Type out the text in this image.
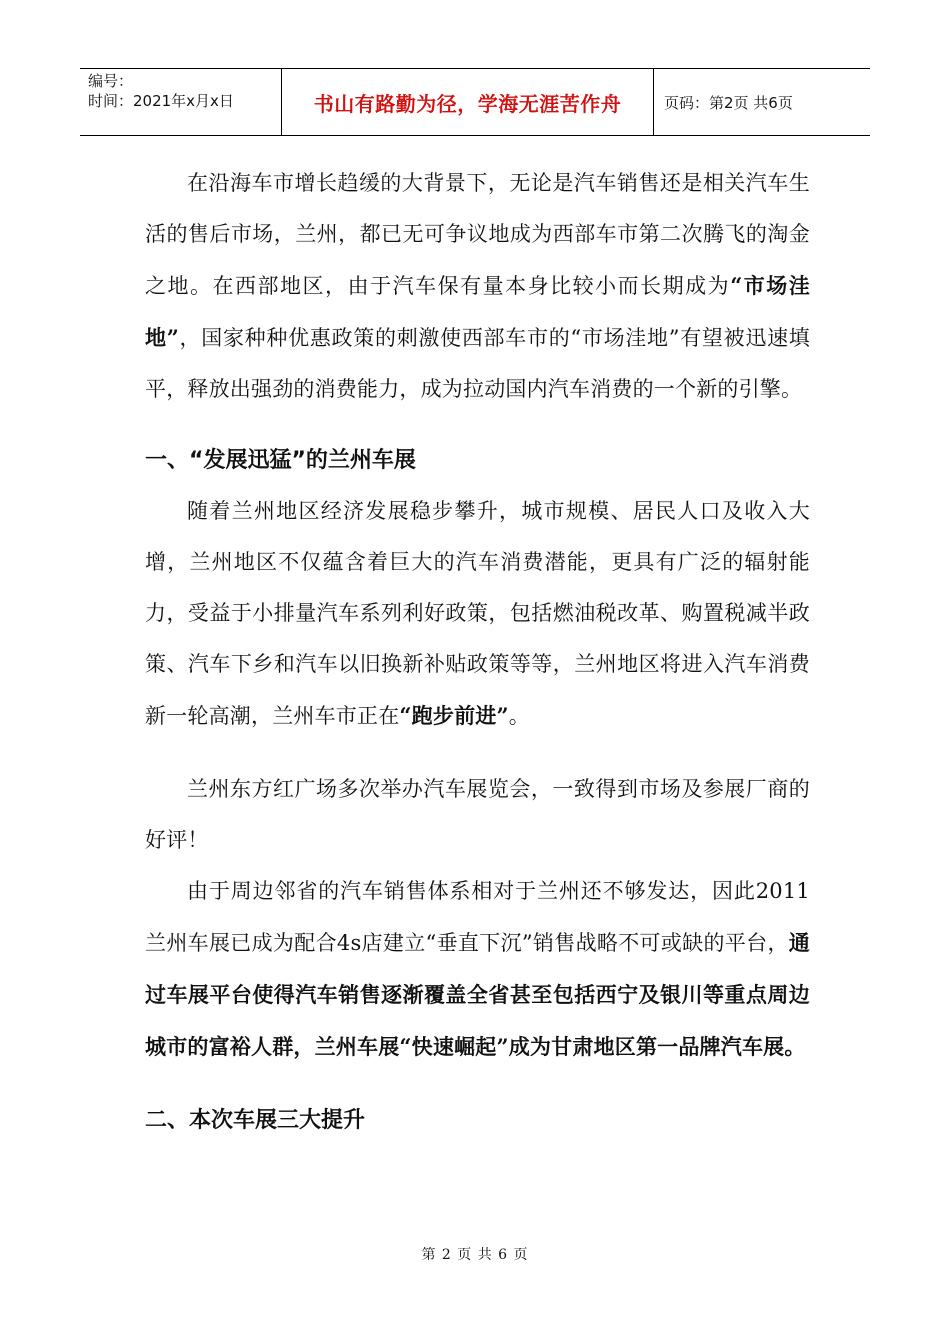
编号：
时间：2021年x月x日	书山有路勤为径，学海无涯苦作舟	页码：第2页 共6页

在沿海车市增长趋缓的大背景下，无论是汽车销售还是相关汽车生活的售后市场，兰州，都已无可争议地成为西部车市第二次腾飞的淘金之地。在西部地区，由于汽车保有量本身比较小而长期成为“市场洼地”，国家种种优惠政策的刺激使西部车市的“市场洼地”有望被迅速填平，释放出强劲的消费能力，成为拉动国内汽车消费的一个新的引擎。

一、“发展迅猛”的兰州车展

随着兰州地区经济发展稳步攀升，城市规模、居民人口及收入大增，兰州地区不仅蕴含着巨大的汽车消费潜能，更具有广泛的辐射能力，受益于小排量汽车系列利好政策，包括燃油税改革、购置税减半政策、汽车下乡和汽车以旧换新补贴政策等等，兰州地区将进入汽车消费新一轮高潮，兰州车市正在“跑步前进”。

兰州东方红广场多次举办汽车展览会，一致得到市场及参展厂商的好评！

由于周边邻省的汽车销售体系相对于兰州还不够发达，因此2011兰州车展已成为配合4s店建立“垂直下沉”销售战略不可或缺的平台，通过车展平台使得汽车销售逐渐覆盖全省甚至包括西宁及银川等重点周边城市的富裕人群，兰州车展“快速崛起”成为甘肃地区第一品牌汽车展。

二、本次车展三大提升
第 2 页 共 6 页
